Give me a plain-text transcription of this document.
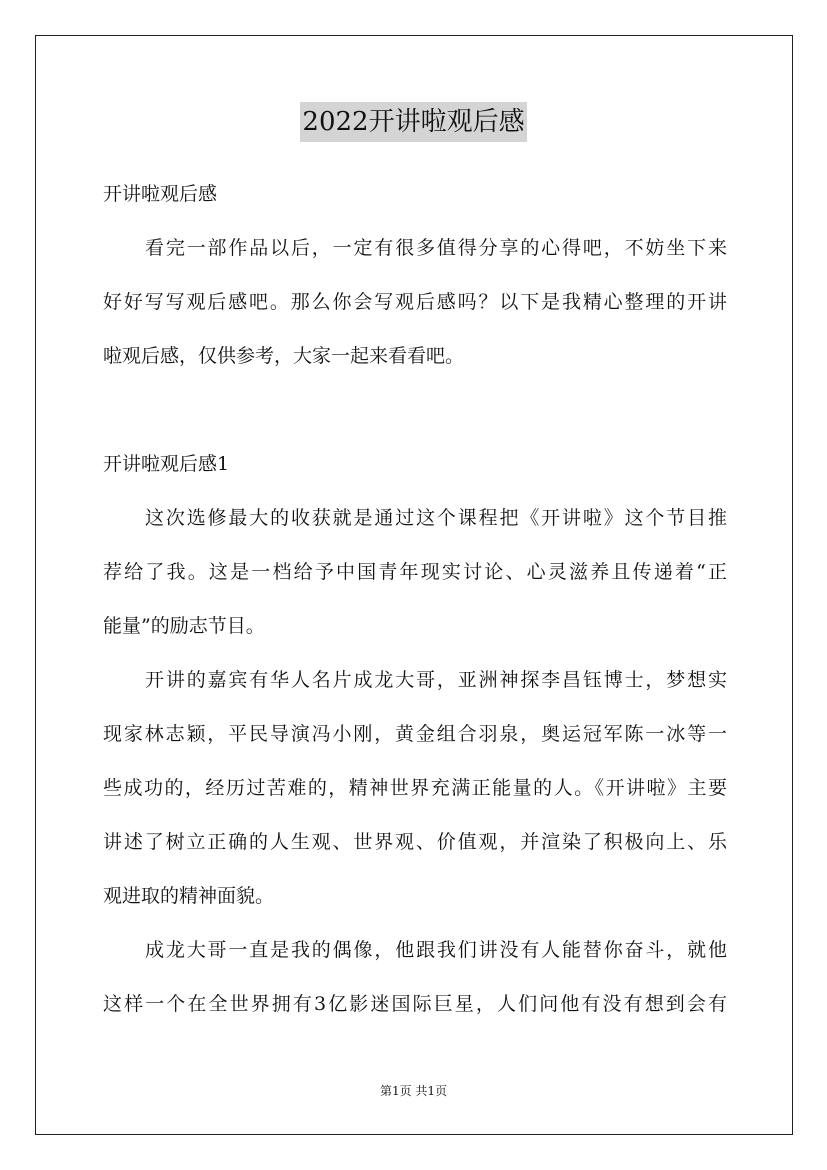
2022开讲啦观后感
开讲啦观后感
看完一部作品以后，一定有很多值得分享的心得吧，不妨坐下来
好好写写观后感吧。那么你会写观后感吗？以下是我精心整理的开讲
啦观后感，仅供参考，大家一起来看看吧。
开讲啦观后感1
这次选修最大的收获就是通过这个课程把《开讲啦》这个节目推
荐给了我。这是一档给予中国青年现实讨论、心灵滋养且传递着“正
能量”的励志节目。
开讲的嘉宾有华人名片成龙大哥，亚洲神探李昌钰博士，梦想实
现家林志颖，平民导演冯小刚，黄金组合羽泉，奥运冠军陈一冰等一
些成功的，经历过苦难的，精神世界充满正能量的人。《开讲啦》主要
讲述了树立正确的人生观、世界观、价值观，并渲染了积极向上、乐
观进取的精神面貌。
成龙大哥一直是我的偶像，他跟我们讲没有人能替你奋斗，就他
这样一个在全世界拥有3亿影迷国际巨星，人们问他有没有想到会有
第1页 共1页
